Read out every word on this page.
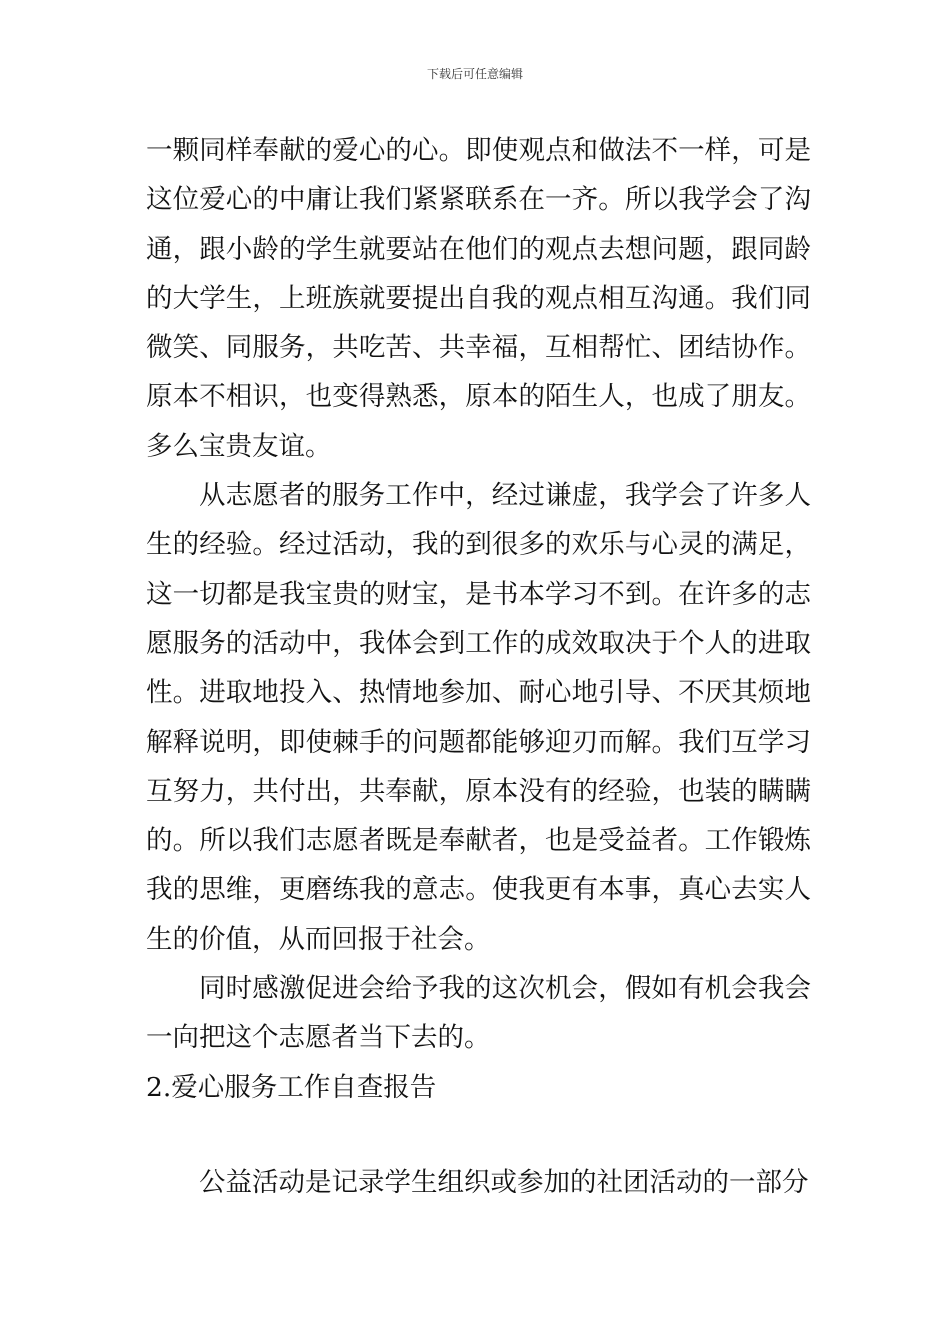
下载后可任意编辑

一颗同样奉献的爱心的心。即使观点和做法不一样，可是这位爱心的中庸让我们紧紧联系在一齐。所以我学会了沟通，跟小龄的学生就要站在他们的观点去想问题，跟同龄的大学生，上班族就要提出自我的观点相互沟通。我们同微笑、同服务，共吃苦、共幸福，互相帮忙、团结协作。原本不相识，也变得熟悉，原本的陌生人，也成了朋友。多么宝贵友谊。

从志愿者的服务工作中，经过谦虚，我学会了许多人生的经验。经过活动，我的到很多的欢乐与心灵的满足，这一切都是我宝贵的财宝，是书本学习不到。在许多的志愿服务的活动中，我体会到工作的成效取决于个人的进取性。进取地投入、热情地参加、耐心地引导、不厌其烦地解释说明，即使棘手的问题都能够迎刃而解。我们互学习互努力，共付出，共奉献，原本没有的经验，也装的瞒瞒的。所以我们志愿者既是奉献者，也是受益者。工作锻炼我的思维，更磨练我的意志。使我更有本事，真心去实人生的价值，从而回报于社会。

同时感激促进会给予我的这次机会，假如有机会我会一向把这个志愿者当下去的。

2.爱心服务工作自查报告

公益活动是记录学生组织或参加的社团活动的一部分
